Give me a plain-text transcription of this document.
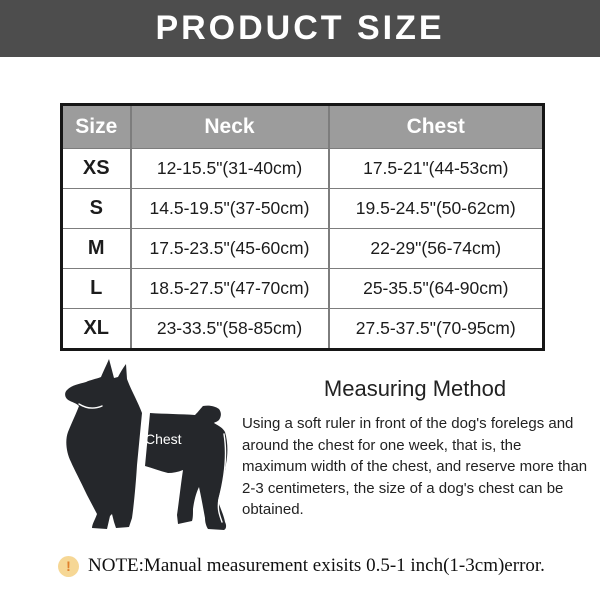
PRODUCT SIZE
Size	Neck	Chest
XS	12-15.5"(31-40cm)	17.5-21"(44-53cm)
S	14.5-19.5"(37-50cm)	19.5-24.5"(50-62cm)
M	17.5-23.5"(45-60cm)	22-29"(56-74cm)
L	18.5-27.5"(47-70cm)	25-35.5"(64-90cm)
XL	23-33.5"(58-85cm)	27.5-37.5"(70-95cm)
Chest
Measuring Method

Using a soft ruler in front of the dog's forelegs and around the chest for one week, that is, the maximum width of the chest, and reserve more than 2-3 centimeters, the size of a dog's chest can be obtained.

! NOTE:Manual measurement exisits 0.5-1 inch(1-3cm)error.
